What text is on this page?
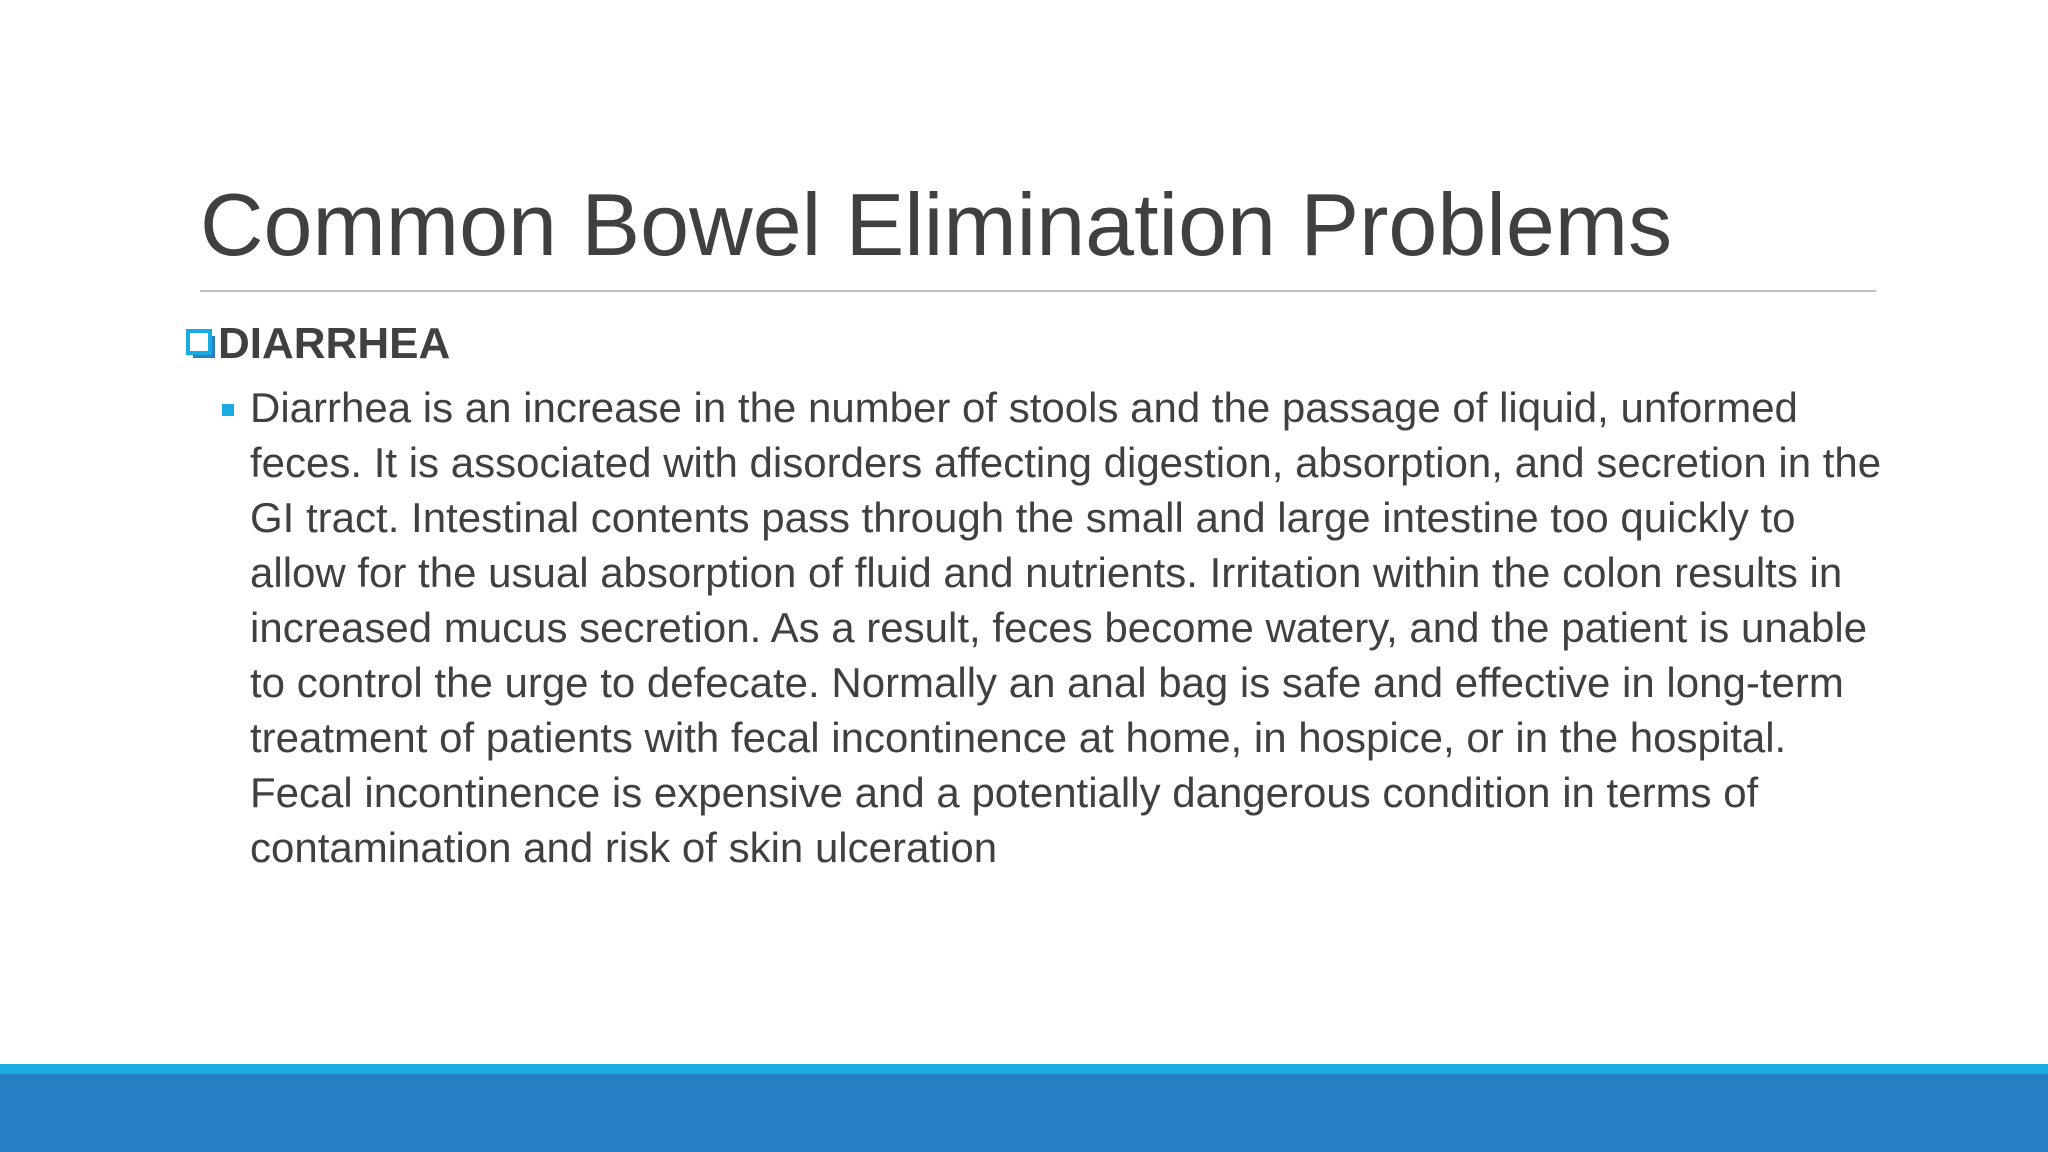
Common Bowel Elimination Problems
DIARRHEA

Diarrhea is an increase in the number of stools and the passage of liquid, unformed feces. It is associated with disorders affecting digestion, absorption, and secretion in the GI tract. Intestinal contents pass through the small and large intestine too quickly to allow for the usual absorption of fluid and nutrients. Irritation within the colon results in increased mucus secretion. As a result, feces become watery, and the patient is unable to control the urge to defecate. Normally an anal bag is safe and effective in long-term treatment of patients with fecal incontinence at home, in hospice, or in the hospital. Fecal incontinence is expensive and a potentially dangerous condition in terms of contamination and risk of skin ulceration
